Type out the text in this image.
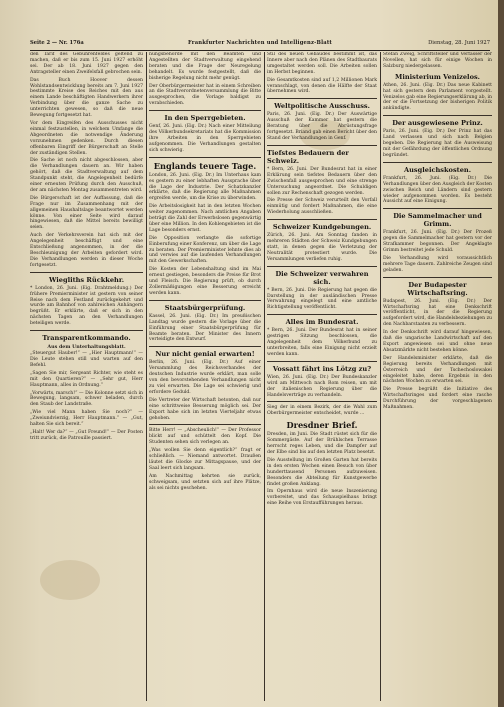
Seite 2 — Nr. 176a	Frankfurter Nachrichten und Intelligenz-Blatt	Dienstag, 28. Juni 1927
den Tarif des Gebührenfeldes geltend zu machen, daß er bis zum 15. Juni 1927 erhöht sei. Der ab 18. Juni 1927 gegen den Antragsteller einen Zweifelsfall gebrochen sein.
Das Buch Hoover dessen Wohlstandsentwicklung bereits am 7. Juni 1927 bestimmte Kreise des Reiches mit den aus einem Lande beschäftigten Handwerkern ihrer Verbindung über die ganze Sache zu unterrichten gewesen, so daß die neue Bewegung fortgesetzt hat.
Vor dem Eingreifen des Ausschusses nicht einmal festzustellen, in welchem Umfange die Abgeordneten die notwendige Änderung vorzunehmen gedenken. Durch diesen offenbaren Eingriff der Bürgerschaft an Stelle der zuständigen Stellen.
Die Sache ist noch nicht abgeschlossen, aber die Verhandlungen dauern an. Wir haben gehört, daß die Stadtverwaltung auf dem Standpunkt steht, die Angelegenheit bedürfe einer erneuten Prüfung durch den Ausschuß, der am nächsten Montag zusammentreten wird.
Die Bürgerschaft ist der Auffassung, daß die Frage nur im Zusammenhang mit der allgemeinen Haushaltslage beantwortet werden könne. Von einer Seite wird darauf hingewiesen, daß die Mittel bereits bewilligt seien.
Auch der Verkehrsverein hat sich mit der Angelegenheit beschäftigt und eine Entschließung angenommen, in der die Beschleunigung der Arbeiten gefordert wird. Die Verhandlungen werden in dieser Woche fortgesetzt.
Wiegliths Rückkehr.
* London, 26. Juni. (Eig. Drahtmeldung.) Der frühere Premierminister ist gestern von seiner Reise nach dem Festland zurückgekehrt und wurde am Bahnhof von zahlreichen Anhängern begrüßt. Er erklärte, daß er sich in den nächsten Tagen an den Verhandlungen beteiligen werde.
Transparentkommando.
Aus dem Unterhaltungsblatt.
„Steuergut Hauber!“ — „Hier Hauptmann!“ — Die Leute stehen still und warten auf den Befehl.
„Sagen Sie mir, Sergeant Richter, wie steht es mit den Quartieren?“ — „Sehr gut, Herr Hauptmann, alles in Ordnung.“
„Vorwärts, marsch!“ — Die Kolonne setzt sich in Bewegung, langsam, schwer beladen, durch den Staub der Landstraße.
„Wie viel Mann haben Sie noch?“ — „Zweiundvierzig, Herr Hauptmann.“ — „Gut, halten Sie sich bereit.“
„Halt! Wer da?“ — „Gut Freund!“ — Der Posten tritt zurück, die Patrouille passiert.
nungsbehörde mit den Beamten und Angestellten der Stadtverwaltung eingehend beraten und die Frage der Neuregelung behandelt. Es wurde festgestellt, daß die bisherige Regelung nicht mehr genügt.
Der Oberbürgermeister hat in einem Schreiben an die Stadtverordnetenversammlung die Bitte ausgesprochen, die Vorlage baldigst zu verabschieden.
In den Sperrgebieten.
Genf, 26. Juni. (Eig. Dr.) Nach einer Mitteilung des Völkerbundsekretariats hat die Kommission ihre Arbeiten in den Sperrgebieten aufgenommen. Die Verhandlungen gestalten sich schwierig.
Englands teuere Tage.
London, 26. Juni. (Eig. Dr.) Im Unterhaus kam es gestern zu einer lebhaften Aussprache über die Lage der Industrie. Der Schatzkanzler erklärte, daß die Regierung alle Maßnahmen ergreifen werde, um die Krise zu überwinden.
Die Arbeitslosigkeit hat in den letzten Wochen weiter zugenommen. Nach amtlichen Angaben beträgt die Zahl der Erwerbslosen gegenwärtig über eine Million. In den Kohlengebieten ist die Lage besonders ernst.
Die Opposition verlangte die sofortige Einberufung einer Konferenz, um über die Lage zu beraten. Der Premierminister lehnte dies ab und verwies auf die laufenden Verhandlungen mit den Gewerkschaften.
Die Kosten der Lebenshaltung sind im Mai erneut gestiegen, besonders die Preise für Brot und Fleisch. Die Regierung prüft, ob durch Zollermäßigungen eine Besserung erreicht werden kann.
Staatsbürgerprüfung.
Kassel, 26. Juni. (Eig. Dr.) Im preußischen Landtag wurde gestern die Vorlage über die Einführung einer Staatsbürgerprüfung für Beamte beraten. Der Minister des Innern verteidigte den Entwurf.
Nur nicht genial erwarten!
Berlin, 26. Juni. (Eig. Dr.) Auf einer Versammlung des Reichsverbandes der deutschen Industrie wurde erklärt, man solle von den bevorstehenden Verhandlungen nicht zu viel erwarten. Die Lage sei schwierig und erfordere Geduld.
Die Vertreter der Wirtschaft betonten, daß nur eine schrittweise Besserung möglich sei. Der Export habe sich im letzten Vierteljahr etwas gehoben.
Bitte Herr! — „Abscheulich!“ — Der Professor blickt auf und schüttelt den Kopf. Die Studenten sehen sich verlegen an.
„Was wollen Sie denn eigentlich?“ fragt er schließlich. — Niemand antwortet. Draußen läutet die Glocke zur Mittagspause, und der Saal leert sich langsam.
Am Nachmittag kehrten sie zurück, schweigsam, und setzten sich auf ihre Plätze, als sei nichts geschehen.
Stil des neuen Gebäudes bestimmt ist, das Innere aber nach den Plänen des Stadtbaurats umgestaltet werden soll. Die Arbeiten sollen im Herbst beginnen.
Die Gesamtkosten sind auf 1,2 Millionen Mark veranschlagt, von denen die Hälfte der Staat übernehmen wird.
Weltpolitische Ausschuss.
Paris, 26. Juni. (Eig. Dr.) Der Auswärtige Ausschuß der Kammer hat gestern die Beratung über die Abrüstungsfrage fortgesetzt. Briand gab einen Bericht über den Stand der Verhandlungen in Genf.
Tiefstes Bedauern der Schweiz.
* Bern, 26. Juni. Der Bundesrat hat in einer Erklärung sein tiefstes Bedauern über den Zwischenfall ausgesprochen und eine strenge Untersuchung angeordnet. Die Schuldigen sollen zur Rechenschaft gezogen werden.
Die Presse der Schweiz verurteilt den Vorfall einmütig und fordert Maßnahmen, die eine Wiederholung ausschließen.
Schweizer Kundgebungen.
Zürich, 26. Juni. Am Sonntag fanden in mehreren Städten der Schweiz Kundgebungen statt, in denen gegen die Verletzung der Neutralität protestiert wurde. Die Versammlungen verliefen ruhig.
Die Schweizer verwahren sich.
* Bern, 26. Juni. Die Regierung hat gegen die Darstellung in der ausländischen Presse Verwahrung eingelegt und eine amtliche Richtigstellung veröffentlicht.
Alles im Bundesrat.
* Bern, 26. Juni. Der Bundesrat hat in seiner gestrigen Sitzung beschlossen, die Angelegenheit dem Völkerbund zu unterbreiten, falls eine Einigung nicht erzielt werden kann.
Vossatt fährt ins Lötzg zu?
Wien, 26. Juni. (Eig. Dr.) Der Bundeskanzler wird am Mittwoch nach Rom reisen, um mit der italienischen Regierung über die Handelsverträge zu verhandeln.
Sieg der in einem Bezirk, der die Wahl zum Oberbürgermeister entscheidet, wurde ...
Dresdner Brief.
Dresden, im Juni. Die Stadt rüstet sich für die Sommergäste. Auf der Brühlschen Terrasse herrscht reges Leben, und die Dampfer auf der Elbe sind bis auf den letzten Platz besetzt.
Die Ausstellung im Großen Garten hat bereits in den ersten Wochen einen Besuch von über hunderttausend Personen aufzuweisen. Besonders die Abteilung für Kunstgewerbe findet großen Anklang.
Im Opernhaus wird die neue Inszenierung vorbereitet, und das Schauspielhaus bringt eine Reihe von Erstaufführungen heraus.
Stefan Zweig, Schriftsteller und Verfasser der Novellen, hat sich für einige Wochen in Salzburg niedergelassen.
Ministerium Venizelos.
Athen, 26. Juni. (Eig. Dr.) Das neue Kabinett hat sich gestern dem Parlament vorgestellt. Venizelos gab eine Regierungserklärung ab, in der er die Fortsetzung der bisherigen Politik ankündigte.
Der ausgewiesene Prinz.
Paris, 26. Juni. (Eig. Dr.) Der Prinz hat das Land verlassen und sich nach Belgien begeben. Die Regierung hat die Ausweisung mit der Gefährdung der öffentlichen Ordnung begründet.
Ausgleichskosten.
Frankfurt, 26. Juni. (Eig. Dr.) Die Verhandlungen über den Ausgleich der Kosten zwischen Reich und Ländern sind gestern wieder aufgenommen worden. Es besteht Aussicht auf eine Einigung.
Die Sammelmacher und Grimm.
Frankfurt, 26. Juni. (Eig. Dr.) Der Prozeß gegen die Sammelmacher hat gestern vor der Strafkammer begonnen. Der Angeklagte Grimm bestreitet jede Schuld.
Die Verhandlung wird voraussichtlich mehrere Tage dauern. Zahlreiche Zeugen sind geladen.
Der Budapester Wirtschaftsring.
Budapest, 26. Juni. (Eig. Dr.) Der Wirtschaftsring hat eine Denkschrift veröffentlicht, in der die Regierung aufgefordert wird, die Handelsbeziehungen zu den Nachbarstaaten zu verbessern.
In der Denkschrift wird darauf hingewiesen, daß die ungarische Landwirtschaft auf den Export angewiesen sei und ohne neue Absatzmärkte nicht bestehen könne.
Der Handelsminister erklärte, daß die Regierung bereits Verhandlungen mit Österreich und der Tschechoslowakei eingeleitet habe, deren Ergebnis in den nächsten Wochen zu erwarten sei.
Die Presse begrüßt die Initiative des Wirtschaftsringes und fordert eine rasche Durchführung der vorgeschlagenen Maßnahmen.
